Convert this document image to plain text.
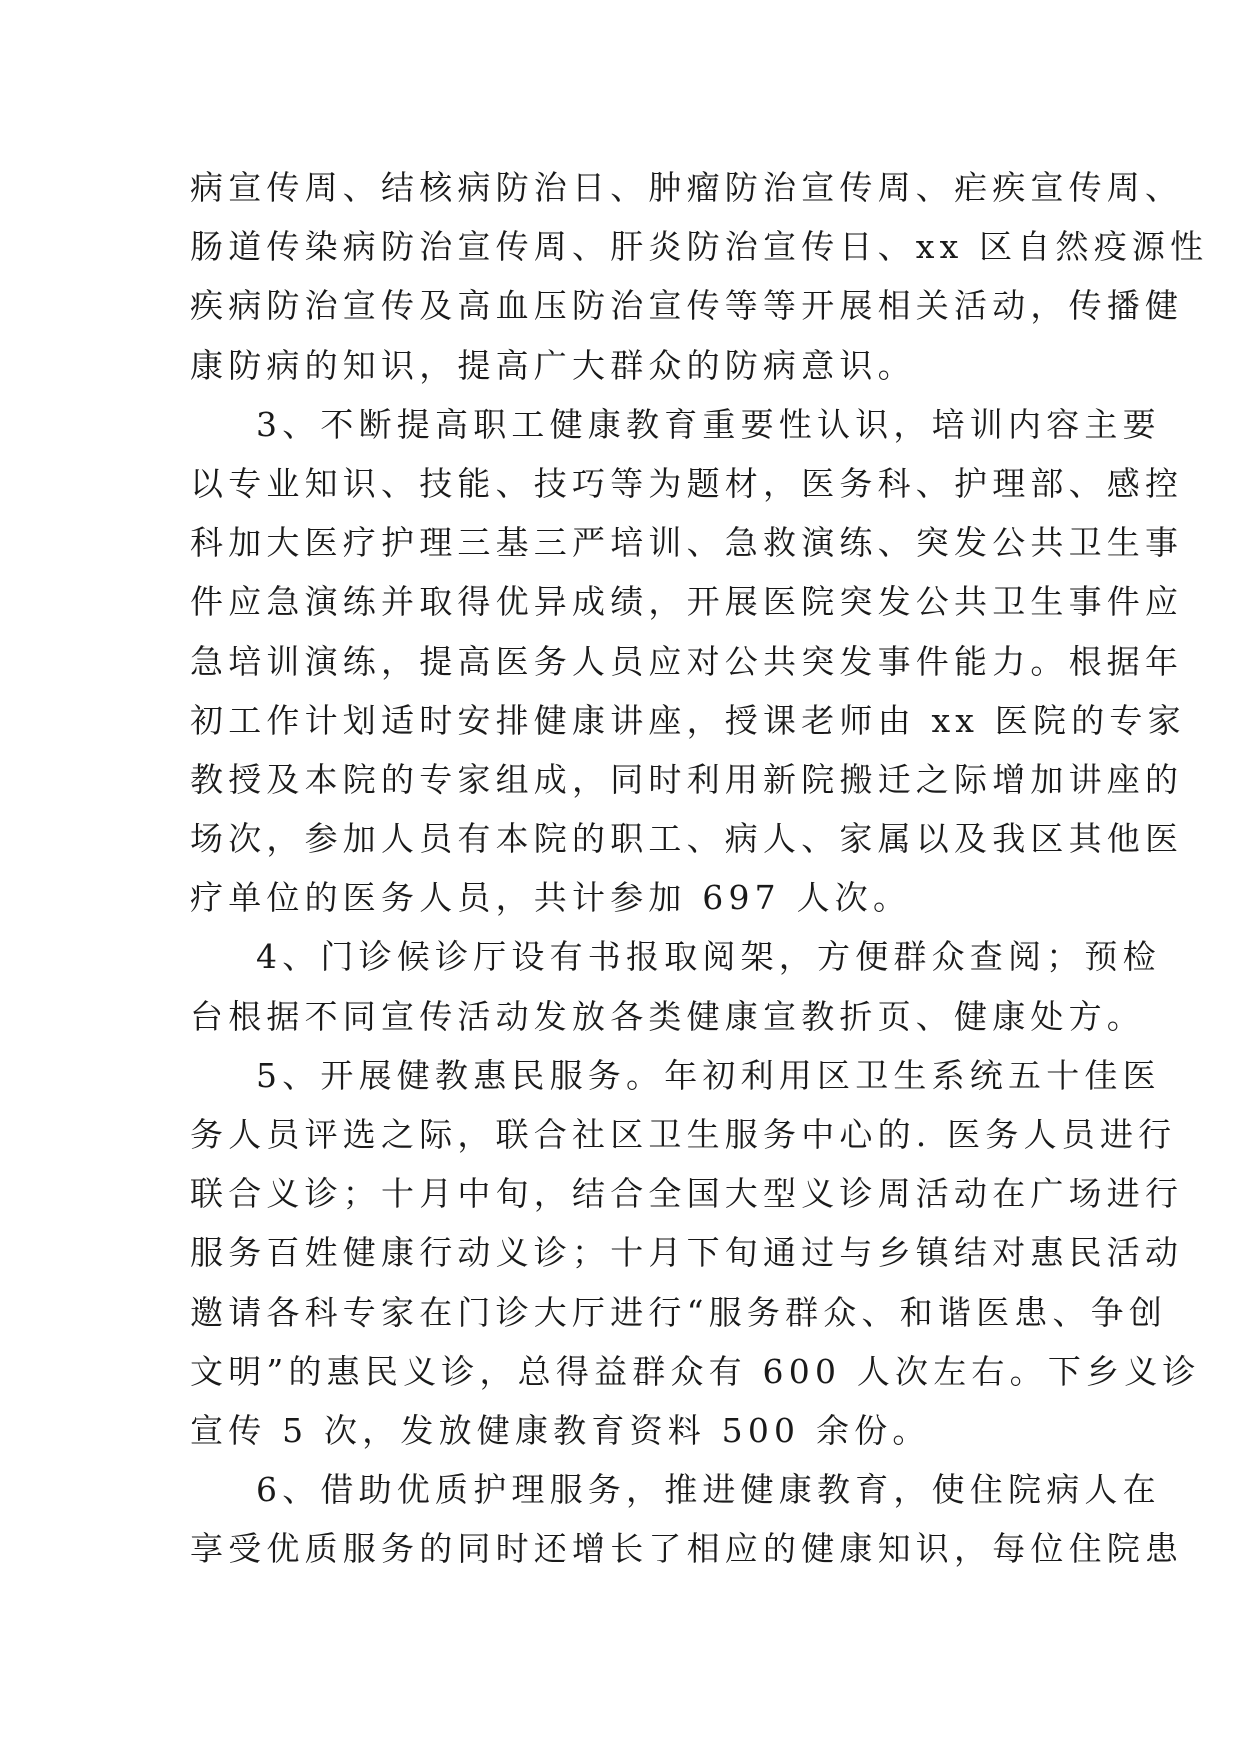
病宣传周、结核病防治日、肿瘤防治宣传周、疟疾宣传周、
肠道传染病防治宣传周、肝炎防治宣传日、xx 区自然疫源性
疾病防治宣传及高血压防治宣传等等开展相关活动，传播健
康防病的知识，提高广大群众的防病意识。
3、不断提高职工健康教育重要性认识，培训内容主要
以专业知识、技能、技巧等为题材，医务科、护理部、感控
科加大医疗护理三基三严培训、急救演练、突发公共卫生事
件应急演练并取得优异成绩，开展医院突发公共卫生事件应
急培训演练，提高医务人员应对公共突发事件能力。根据年
初工作计划适时安排健康讲座，授课老师由 xx 医院的专家
教授及本院的专家组成，同时利用新院搬迁之际增加讲座的
场次，参加人员有本院的职工、病人、家属以及我区其他医
疗单位的医务人员，共计参加 697 人次。
4、门诊候诊厅设有书报取阅架，方便群众查阅；预检
台根据不同宣传活动发放各类健康宣教折页、健康处方。
5、开展健教惠民服务。年初利用区卫生系统五十佳医
务人员评选之际，联合社区卫生服务中心的. 医务人员进行
联合义诊；十月中旬，结合全国大型义诊周活动在广场进行
服务百姓健康行动义诊；十月下旬通过与乡镇结对惠民活动
邀请各科专家在门诊大厅进行“服务群众、和谐医患、争创
文明”的惠民义诊，总得益群众有 600 人次左右。下乡义诊
宣传 5 次，发放健康教育资料 500 余份。
6、借助优质护理服务，推进健康教育，使住院病人在
享受优质服务的同时还增长了相应的健康知识，每位住院患
